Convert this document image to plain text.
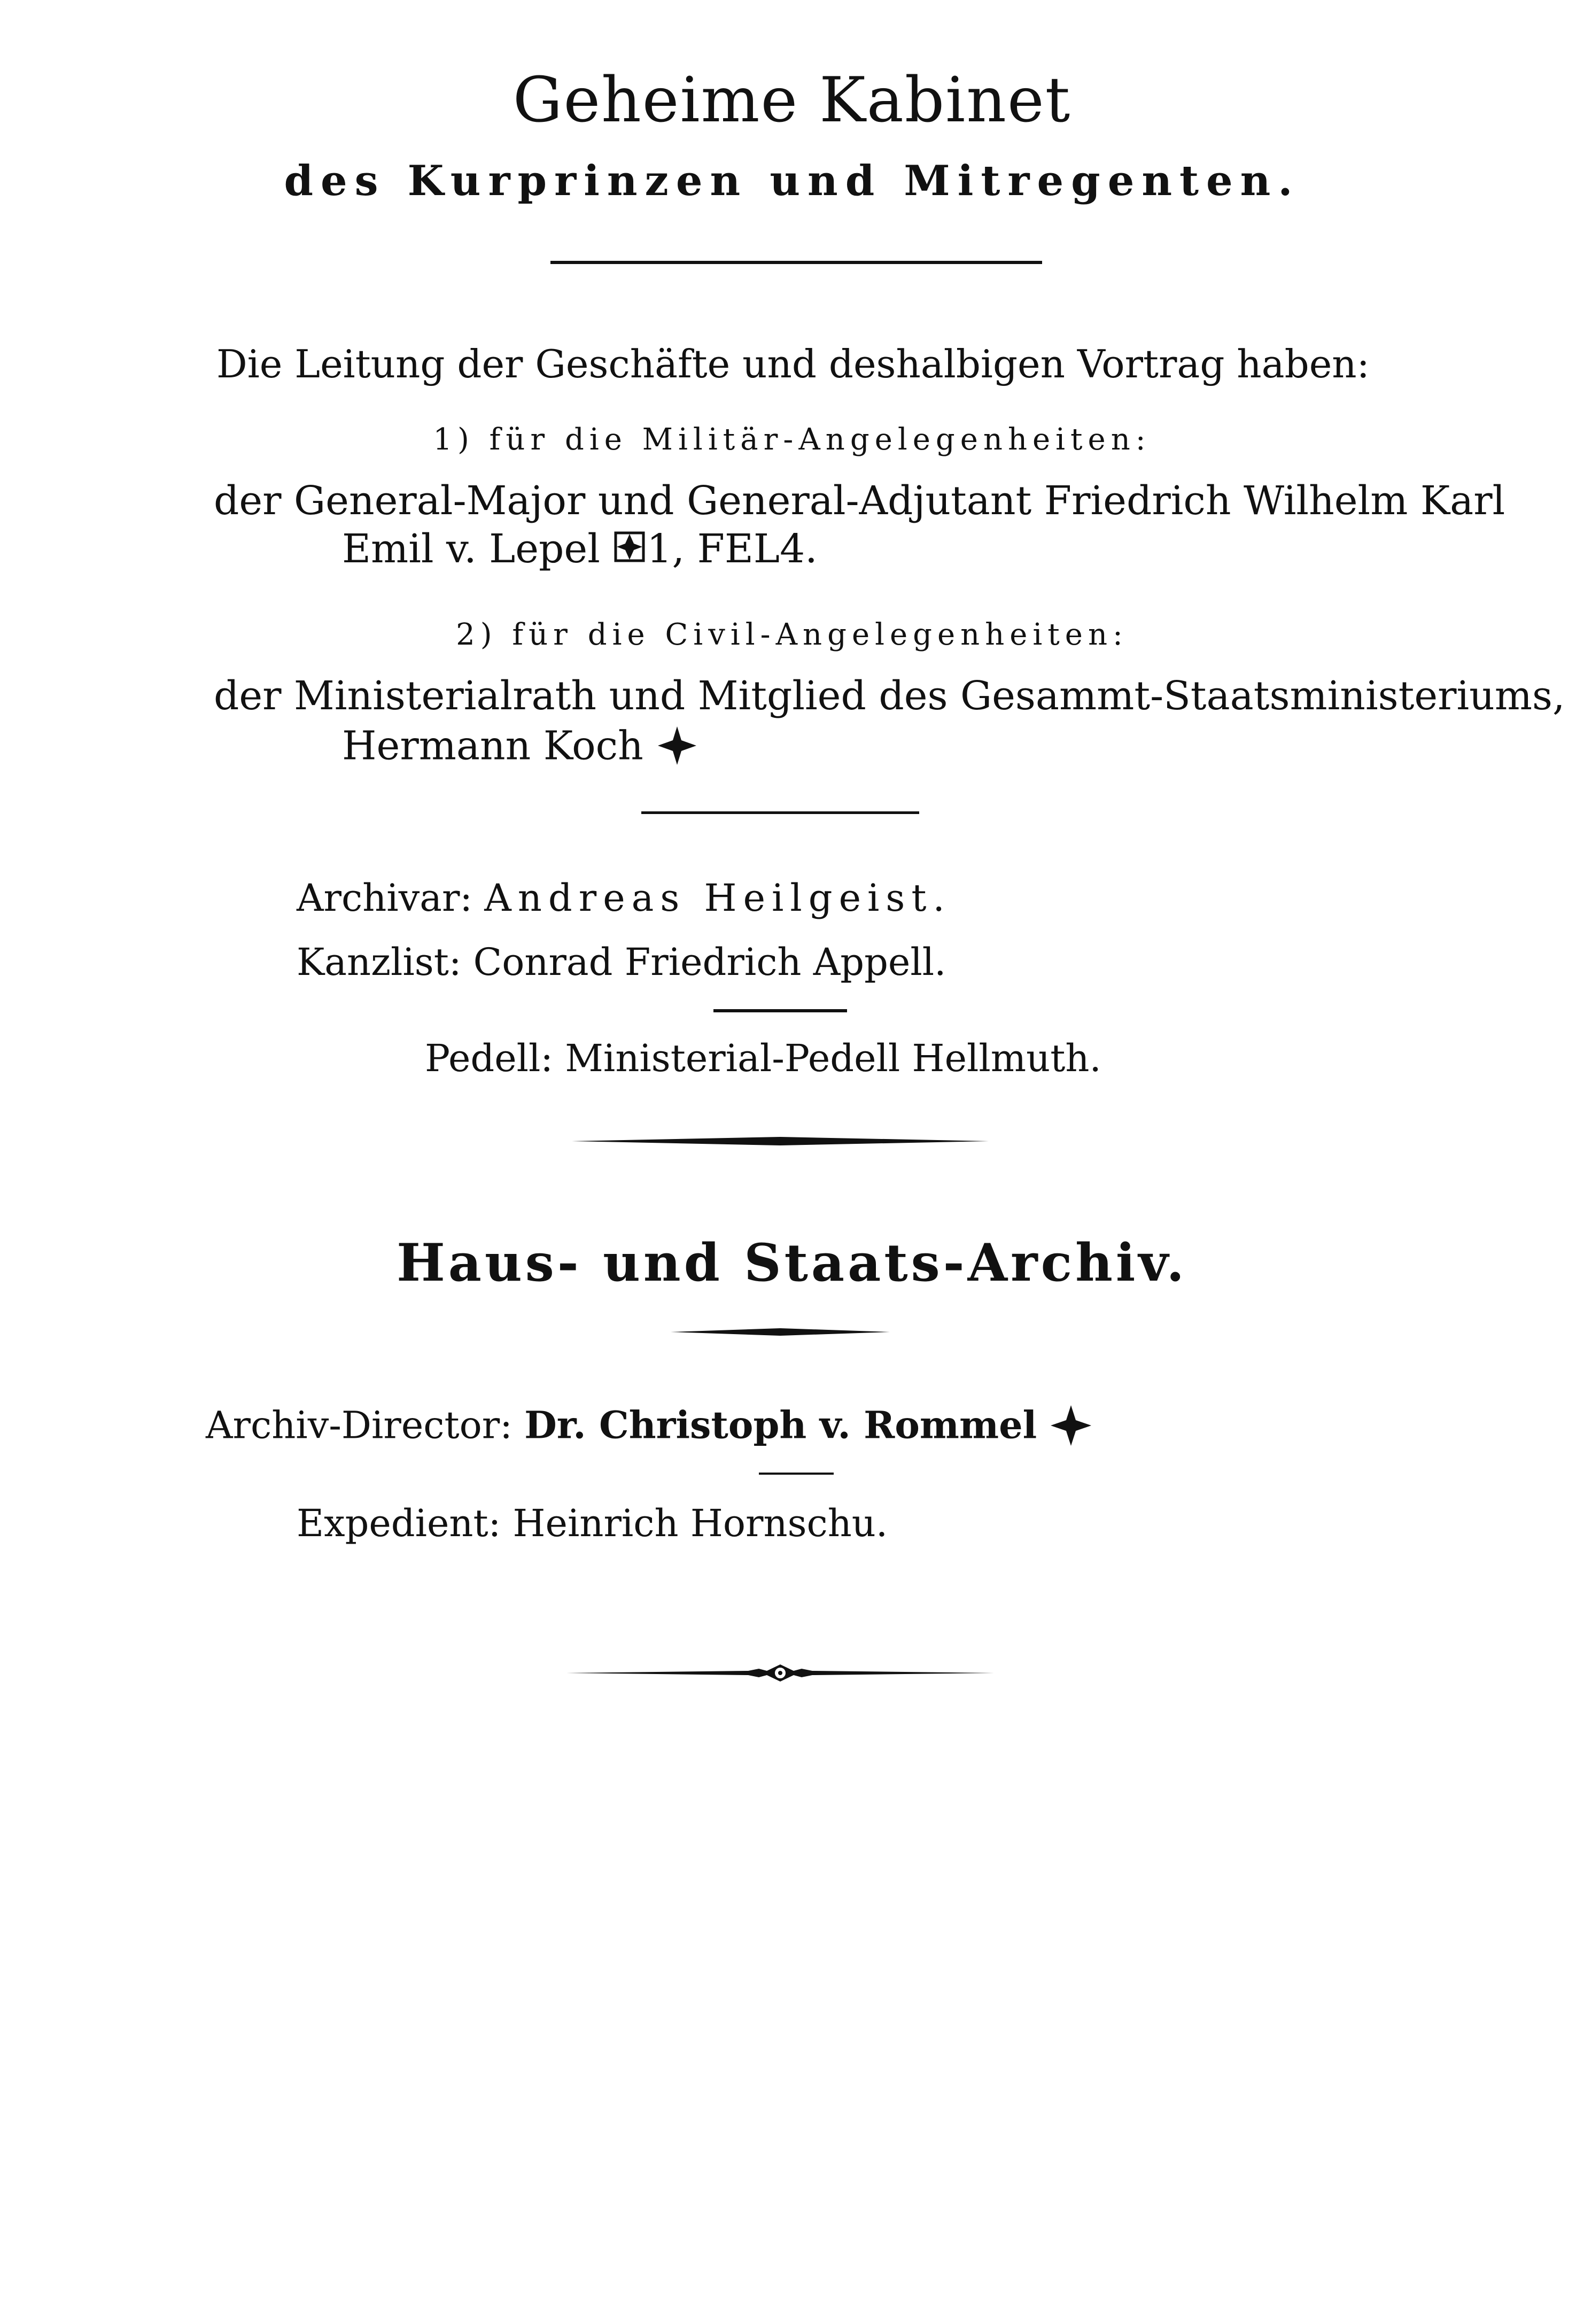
Geheime Kabinet
des Kurprinzen und Mitregenten.
Die Leitung der Geschäfte und deshalbigen Vortrag haben:
1) für die Militär-Angelegenheiten:
der General-Major und General-Adjutant Friedrich Wilhelm Karl
Emil v. Lepel 1, FEL4.
2) für die Civil-Angelegenheiten:
der Ministerialrath und Mitglied des Gesammt-Staatsministeriums,
Hermann Koch
Archivar: Andreas Heilgeist.
Kanzlist: Conrad Friedrich Appell.
Pedell: Ministerial-Pedell Hellmuth.
Haus- und Staats-Archiv.
Archiv-Director: Dr. Christoph v. Rommel
Expedient: Heinrich Hornschu.
